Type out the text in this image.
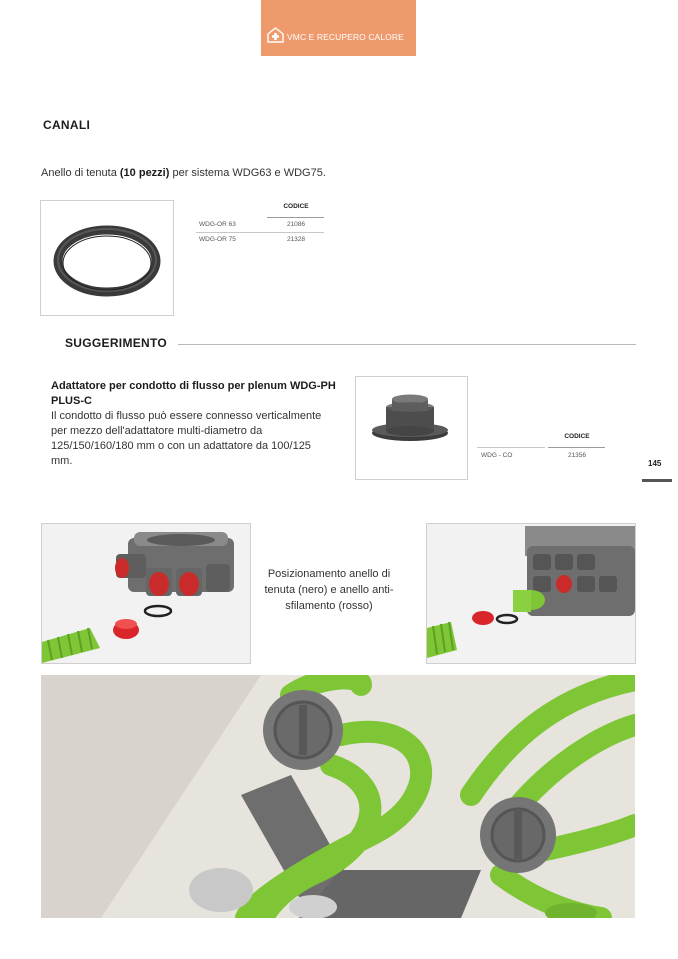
VMC E RECUPERO CALORE
CANALI
Anello di tenuta (10 pezzi) per sistema WDG63 e WDG75.
CODICE
WDG-OR 63	21086
WDG-OR 75	21328
SUGGERIMENTO
Adattatore per condotto di flusso per plenum WDG-PH PLUS-C
Il condotto di flusso può essere connesso verticalmente per mezzo dell'adattatore multi-diametro da 125/150/160/180 mm o con un adattatore da 100/125 mm.
CODICE
WDG - CO	21356
145
Posizionamento anello di tenuta (nero) e anello anti-sfilamento (rosso)
